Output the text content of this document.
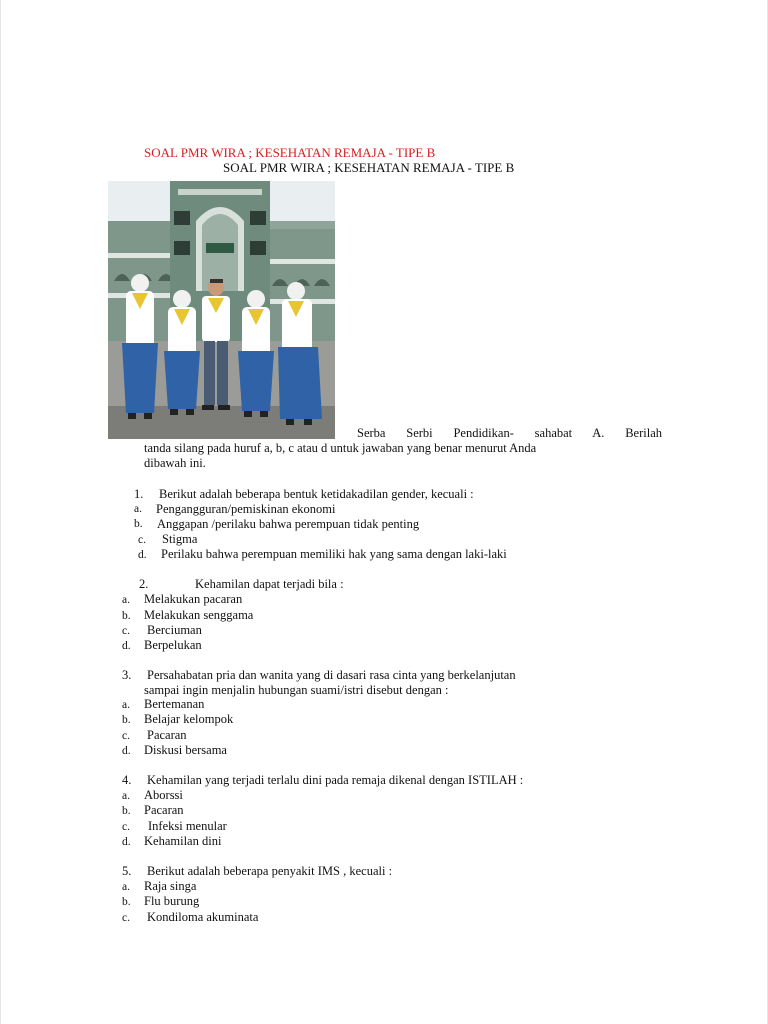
SOAL PMR WIRA ; KESEHATAN REMAJA - TIPE B
SOAL PMR WIRA ; KESEHATAN REMAJA - TIPE B
Serba Serbi Pendidikan- sahabat A. Berilah
tanda silang pada huruf a, b, c atau d untuk jawaban yang benar menurut Anda
dibawah ini.
1. Berikut adalah beberapa bentuk ketidakadilan gender, kecuali :
a. Pengangguran/pemiskinan ekonomi
b. Anggapan /perilaku bahwa perempuan tidak penting
c. Stigma
d. Perilaku bahwa perempuan memiliki hak yang sama dengan laki-laki
2.	Kehamilan dapat terjadi bila :
a. Melakukan pacaran
b. Melakukan senggama
c. Berciuman
d. Berpelukan
3. Persahabatan pria dan wanita yang di dasari rasa cinta yang berkelanjutan
sampai ingin menjalin hubungan suami/istri disebut dengan :
a. Bertemanan
b. Belajar kelompok
c. Pacaran
d. Diskusi bersama
4. Kehamilan yang terjadi terlalu dini pada remaja dikenal dengan ISTILAH :
a. Aborssi
b. Pacaran
c. Infeksi menular
d. Kehamilan dini
5. Berikut adalah beberapa penyakit IMS , kecuali :
a. Raja singa
b. Flu burung
c. Kondiloma akuminata
